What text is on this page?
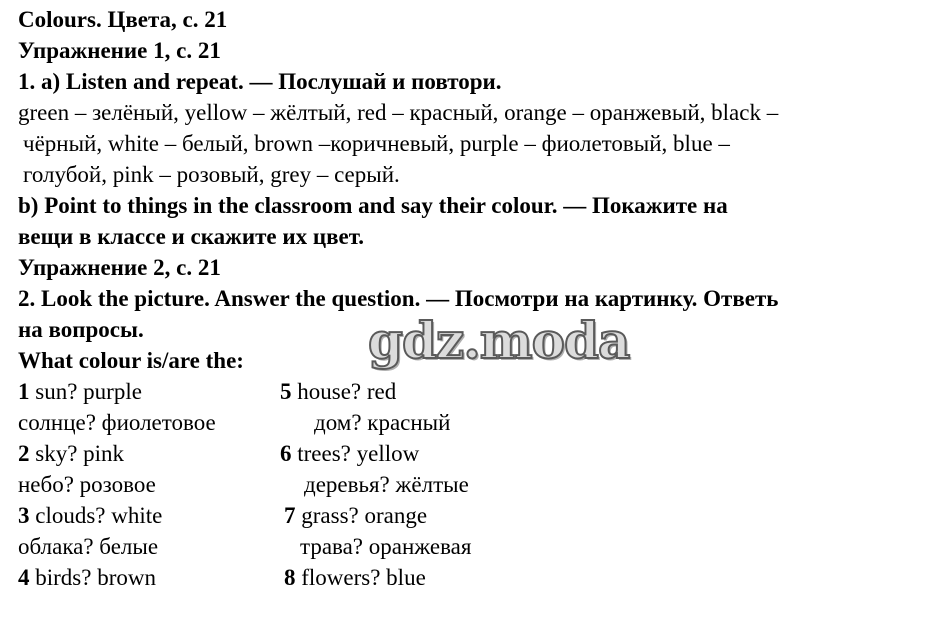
Colours. Цвета, с. 21
Упражнение 1, с. 21
1. а) Listen and repeat. — Послушай и повтори.
green – зелёный, yellow – жёлтый, red – красный, orange – оранжевый, black –
чёрный, white – белый, brown –коричневый, purple – фиолетовый, blue –
голубой, pink – розовый, grey – серый.
b) Point to things in the classroom and say their colour. — Покажите на
вещи в классе и скажите их цвет.
Упражнение 2, с. 21
2. Look the picture. Answer the question. — Посмотри на картинку. Ответь
на вопросы.
What colour is/are the:
1 sun? purple	5 house? red
солнце? фиолетовое	дом? красный
2 sky? pink	6 trees? yellow
небо? розовое	деревья? жёлтые
3 clouds? white	7 grass? orange
облака? белые	трава? оранжевая
4 birds? brown	8 flowers? blue
gdz.moda
